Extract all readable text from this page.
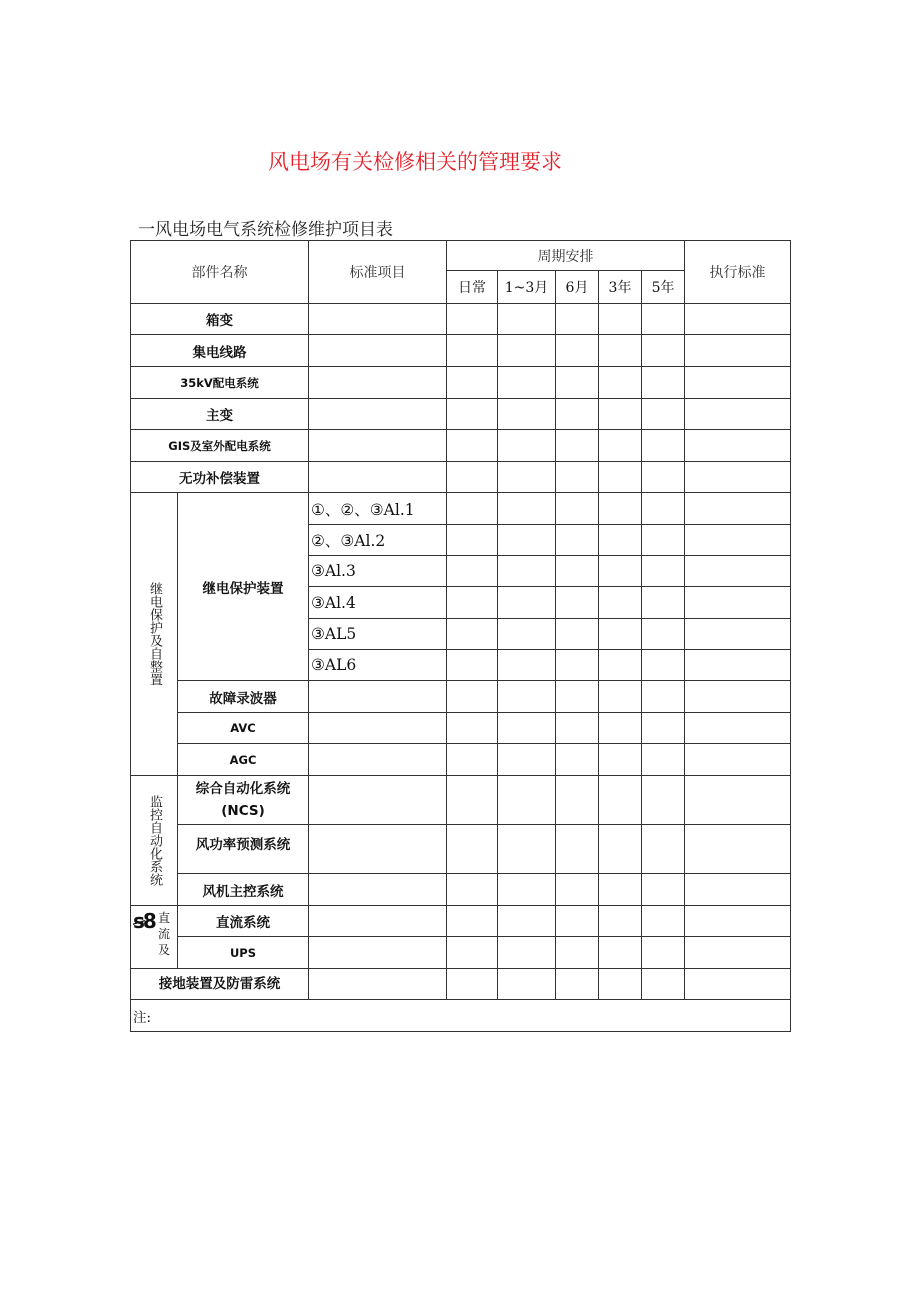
风电场有关检修相关的管理要求
一风电场电气系统检修维护项目表
部件名称		标准项目	周期安排					执行标准
			日常	1~3月	6月	3年	5年	
箱变								
集电线路								
35kV配电系统								
主变								
GIS及室外配电系统								
无功补偿装置								
继电保护及自整置	继电保护装置	①、②、③Al.1						
		②、③Al.2						
		③Al.3						
		③Al.4						
		③AL5						
		③AL6						
	故障录波器							
	AVC							
	AGC							
监控自动化系统	综合自动化系统(NCS)							
	风功率预测系统							
	风机主控系统							

ꞩ8 直流及	直流系统							
	UPS							
接地装置及防雷系统								
注:								
